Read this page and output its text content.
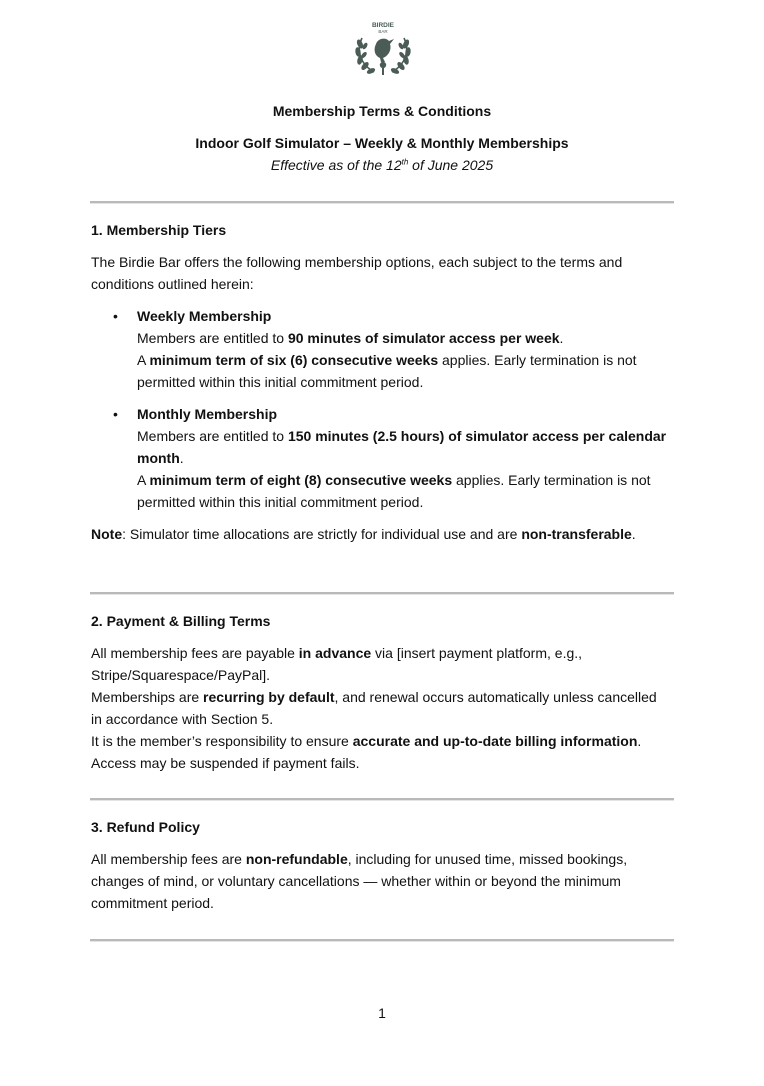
BIRDIE
BAR
Membership Terms & Conditions
Indoor Golf Simulator – Weekly & Monthly Memberships
Effective as of the 12th of June 2025

1. Membership Tiers

The Birdie Bar offers the following membership options, each subject to the terms and conditions outlined herein:

• Weekly Membership

Members are entitled to 90 minutes of simulator access per week.

A minimum term of six (6) consecutive weeks applies. Early termination is not permitted within this initial commitment period.

• Monthly Membership

Members are entitled to 150 minutes (2.5 hours) of simulator access per calendar month.

A minimum term of eight (8) consecutive weeks applies. Early termination is not permitted within this initial commitment period.

Note: Simulator time allocations are strictly for individual use and are non-transferable.

2. Payment & Billing Terms

All membership fees are payable in advance via [insert payment platform, e.g., Stripe/Squarespace/PayPal].

Memberships are recurring by default, and renewal occurs automatically unless cancelled in accordance with Section 5.

It is the member’s responsibility to ensure accurate and up-to-date billing information. Access may be suspended if payment fails.

3. Refund Policy

All membership fees are non-refundable, including for unused time, missed bookings, changes of mind, or voluntary cancellations — whether within or beyond the minimum commitment period.

1
